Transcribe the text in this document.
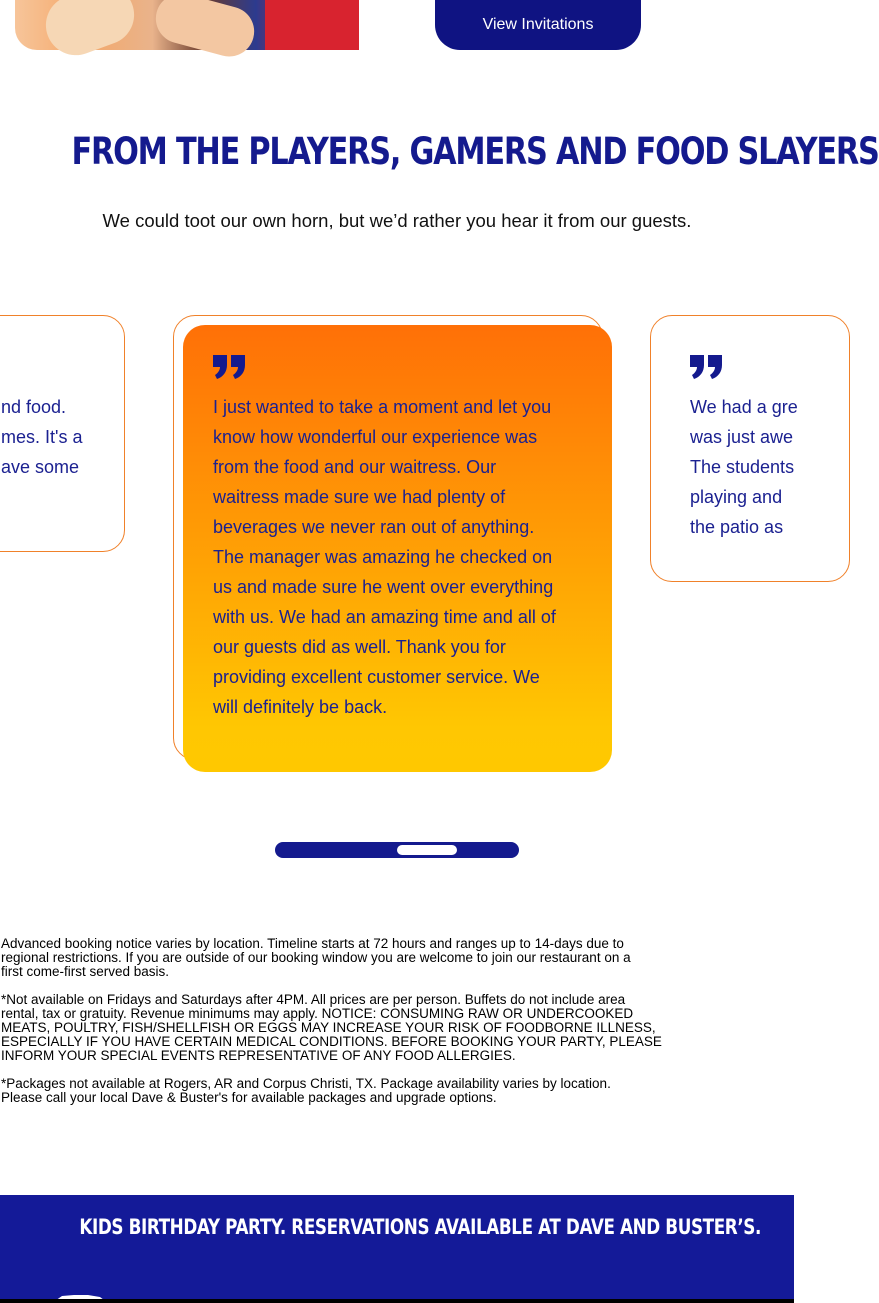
View Invitations
FROM THE PLAYERS, GAMERS AND FOOD SLAYERS
We could toot our own horn, but we’d rather you hear it from our guests.
nd food.
mes. It's a
ave some
We had a gre
was just awe
The students
playing and
the patio as
I just wanted to take a moment and let you
know how wonderful our experience was
from the food and our waitress. Our
waitress made sure we had plenty of
beverages we never ran out of anything.
The manager was amazing he checked on
us and made sure he went over everything
with us. We had an amazing time and all of
our guests did as well. Thank you for
providing excellent customer service. We
will definitely be back.
Advanced booking notice varies by location. Timeline starts at 72 hours and ranges up to 14-days due to
regional restrictions. If you are outside of our booking window you are welcome to join our restaurant on a
first come-first served basis.
*Not available on Fridays and Saturdays after 4PM. All prices are per person. Buffets do not include area
rental, tax or gratuity. Revenue minimums may apply. NOTICE: CONSUMING RAW OR UNDERCOOKED
MEATS, POULTRY, FISH/SHELLFISH OR EGGS MAY INCREASE YOUR RISK OF FOODBORNE ILLNESS,
ESPECIALLY IF YOU HAVE CERTAIN MEDICAL CONDITIONS. BEFORE BOOKING YOUR PARTY, PLEASE
INFORM YOUR SPECIAL EVENTS REPRESENTATIVE OF ANY FOOD ALLERGIES.
*Packages not available at Rogers, AR and Corpus Christi, TX. Package availability varies by location.
Please call your local Dave & Buster's for available packages and upgrade options.
KIDS BIRTHDAY PARTY. RESERVATIONS AVAILABLE AT DAVE AND BUSTER’S.
